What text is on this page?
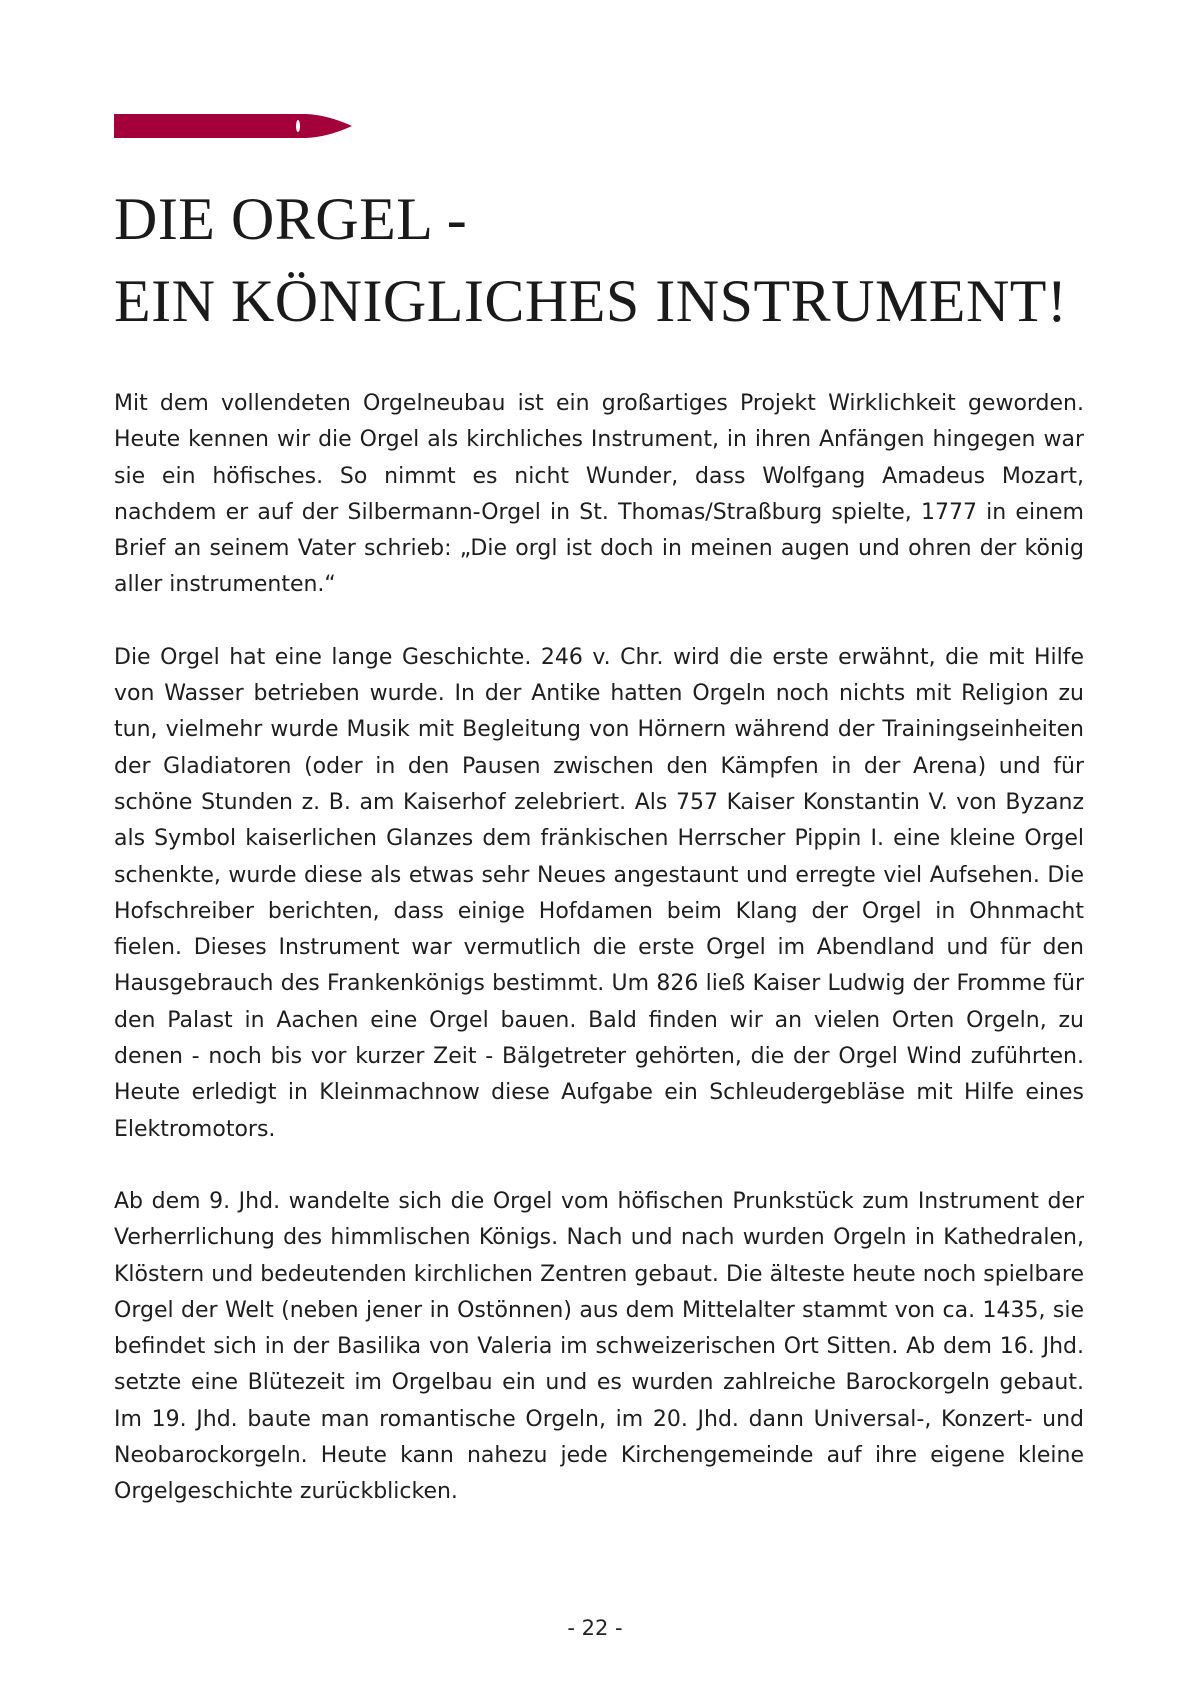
DIE ORGEL -
EIN KÖNIGLICHES INSTRUMENT!

Mit dem vollendeten Orgelneubau ist ein großartiges Projekt Wirklichkeit geworden. Heute kennen wir die Orgel als kirchliches Instrument, in ihren Anfängen hingegen war sie ein höfisches. So nimmt es nicht Wunder, dass Wolfgang Amadeus Mozart, nachdem er auf der Silbermann-Orgel in St. Thomas/Straßburg spielte, 1777 in einem Brief an seinem Vater schrieb: „Die orgl ist doch in meinen augen und ohren der könig aller instrumenten.“

Die Orgel hat eine lange Geschichte. 246 v. Chr. wird die erste erwähnt, die mit Hilfe von Wasser betrieben wurde. In der Antike hatten Orgeln noch nichts mit Religion zu tun, vielmehr wurde Musik mit Begleitung von Hörnern während der Trainingseinheiten der Gladiatoren (oder in den Pausen zwischen den Kämpfen in der Arena) und für schöne Stunden z. B. am Kaiserhof zelebriert. Als 757 Kaiser Konstantin V. von Byzanz als Symbol kaiserlichen Glanzes dem fränkischen Herrscher Pippin I. eine kleine Orgel schenkte, wurde diese als etwas sehr Neues angestaunt und erregte viel Aufsehen. Die Hofschreiber berichten, dass einige Hofdamen beim Klang der Orgel in Ohnmacht fielen. Dieses Instrument war vermutlich die erste Orgel im Abendland und für den Hausgebrauch des Frankenkönigs bestimmt. Um 826 ließ Kaiser Ludwig der Fromme für den Palast in Aachen eine Orgel bauen. Bald finden wir an vielen Orten Orgeln, zu denen - noch bis vor kurzer Zeit - Bälgetreter gehörten, die der Orgel Wind zuführten. Heute erledigt in Kleinmachnow diese Aufgabe ein Schleudergebläse mit Hilfe eines Elektromotors.

Ab dem 9. Jhd. wandelte sich die Orgel vom höfischen Prunkstück zum Instrument der Verherrlichung des himmlischen Königs. Nach und nach wurden Orgeln in Kathedralen, Klöstern und bedeutenden kirchlichen Zentren gebaut. Die älteste heute noch spielbare Orgel der Welt (neben jener in Ostönnen) aus dem Mittelalter stammt von ca. 1435, sie befindet sich in der Basilika von Valeria im schweizerischen Ort Sitten. Ab dem 16. Jhd. setzte eine Blütezeit im Orgelbau ein und es wurden zahlreiche Barockorgeln gebaut. Im 19. Jhd. baute man romantische Orgeln, im 20. Jhd. dann Universal-, Konzert- und Neobarockorgeln. Heute kann nahezu jede Kirchengemeinde auf ihre eigene kleine Orgelgeschichte zurückblicken.

- 22 -
